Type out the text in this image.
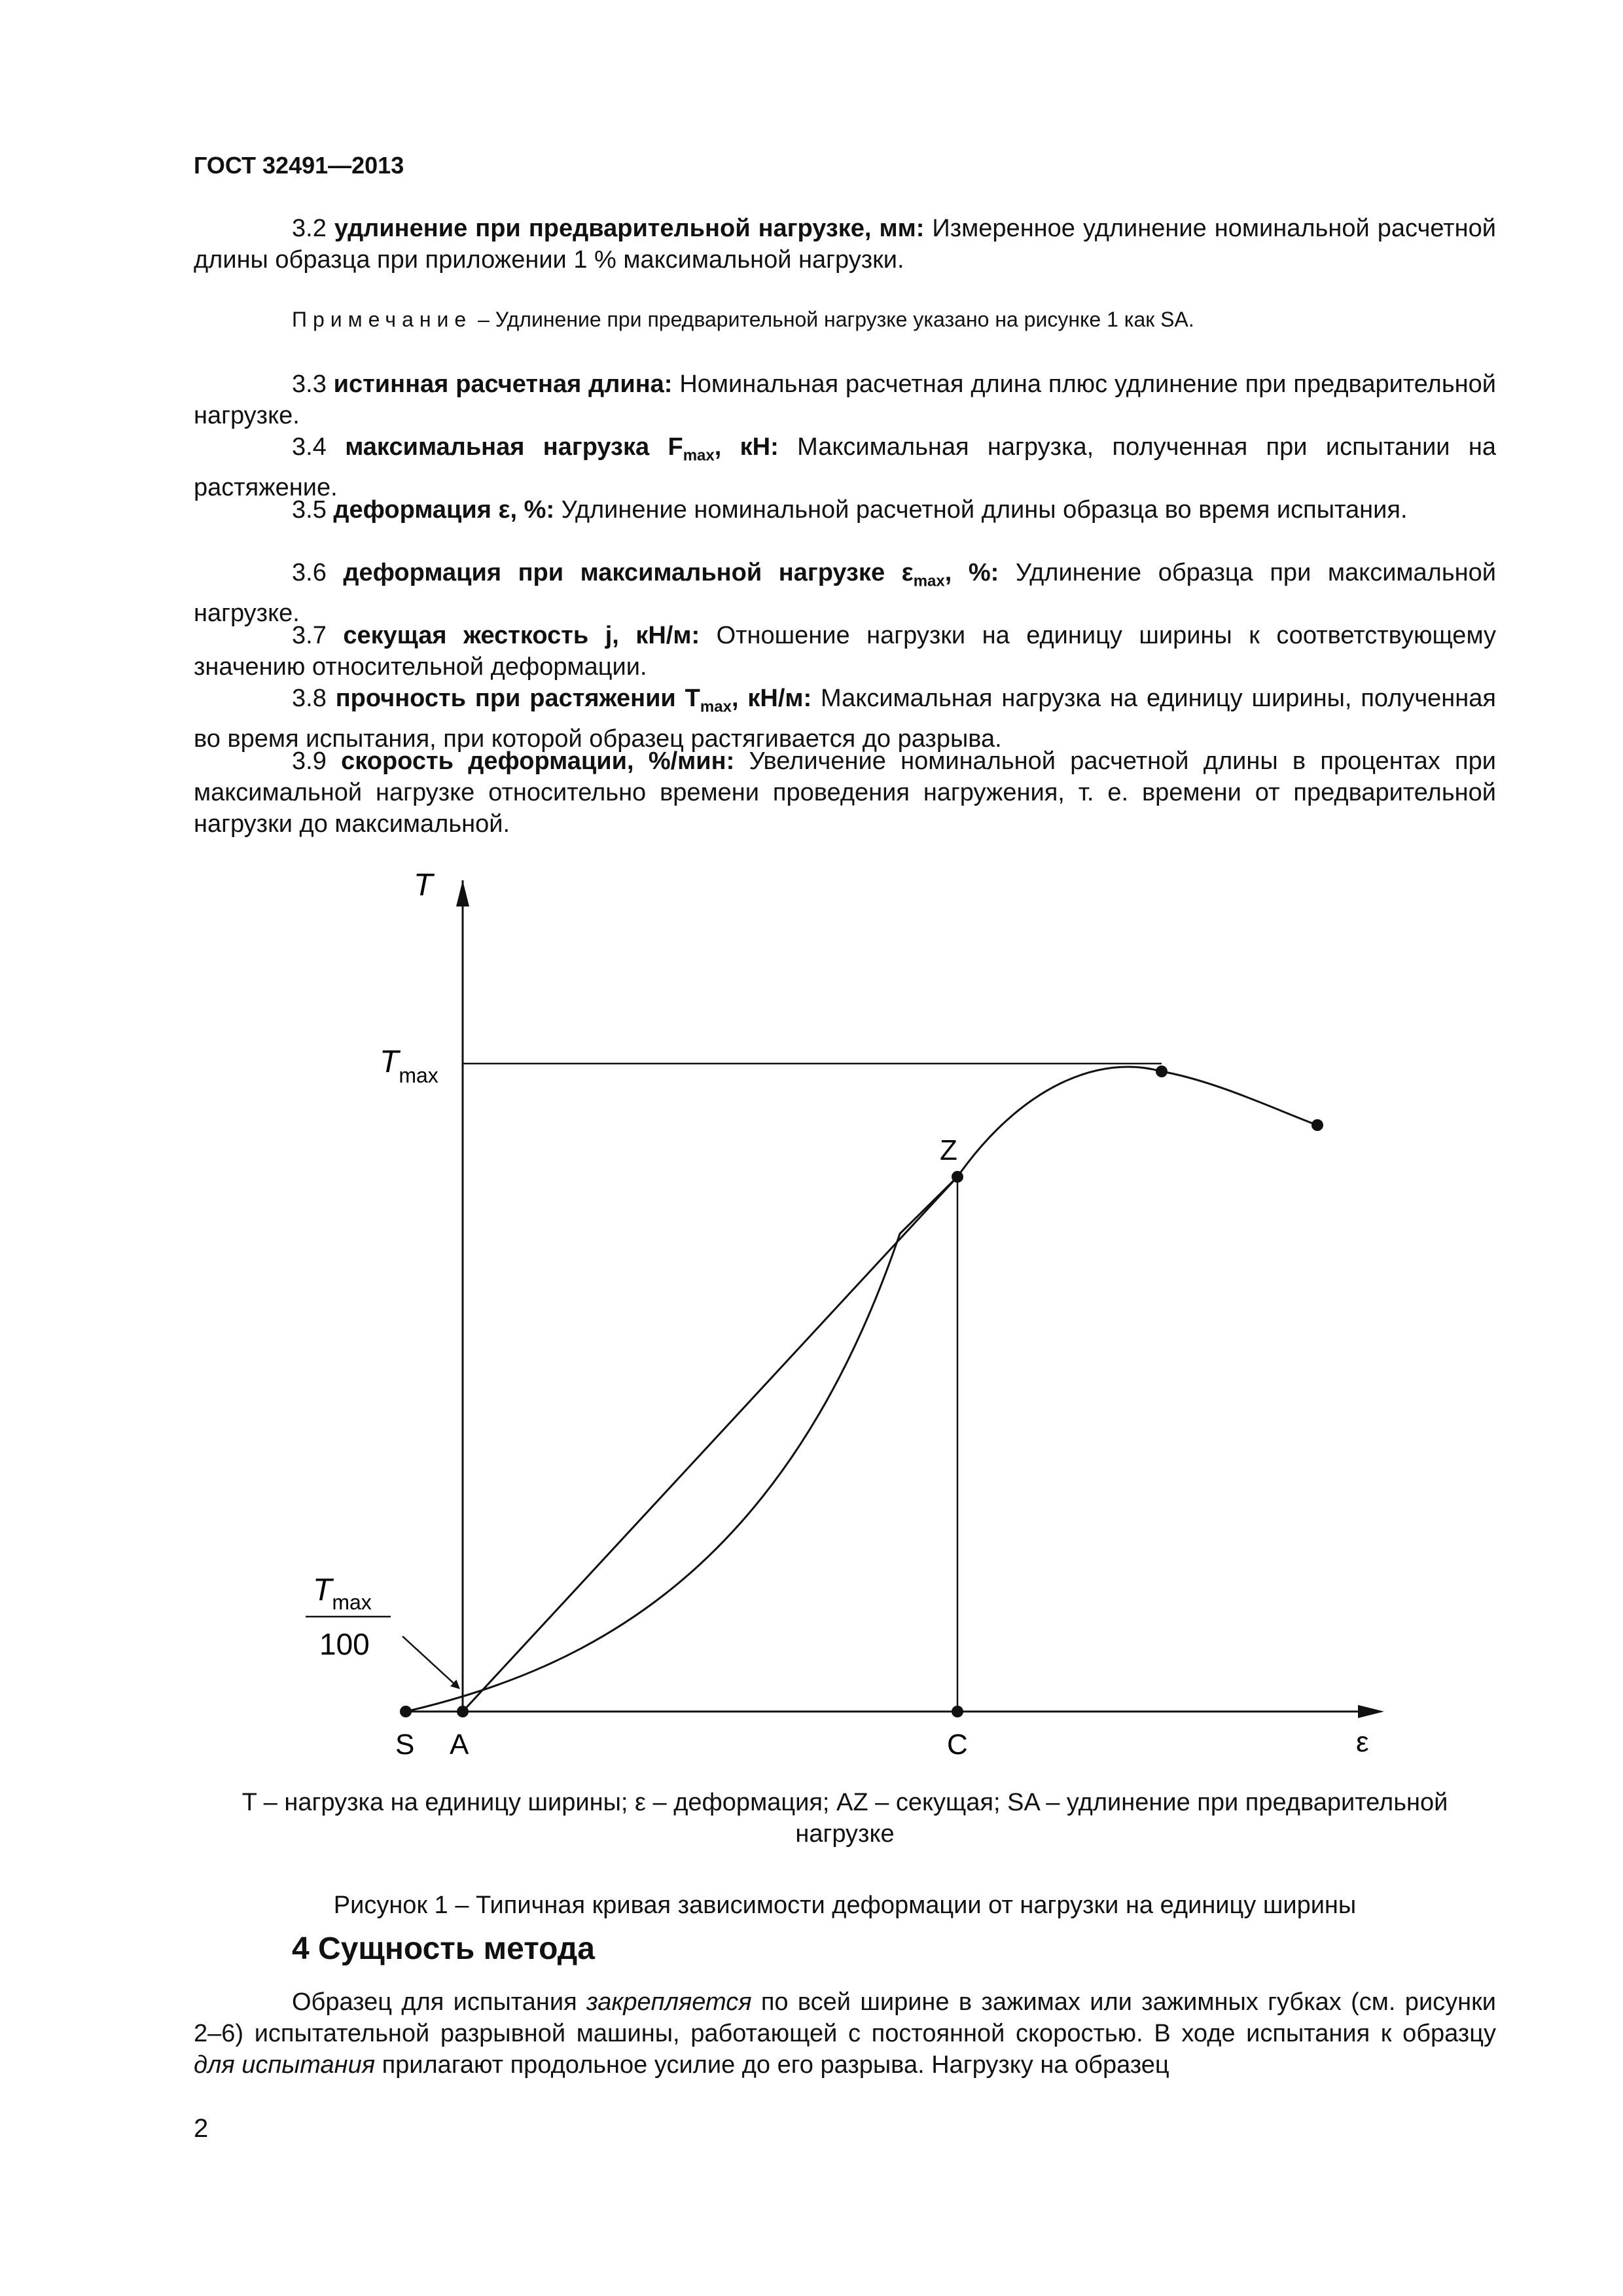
ГОСТ 32491—2013

3.2 удлинение при предварительной нагрузке, мм: Измеренное удлинение номинальной расчетной длины образца при приложении 1 % максимальной нагрузки.

Примечание – Удлинение при предварительной нагрузке указано на рисунке 1 как SA.

3.3 истинная расчетная длина: Номинальная расчетная длина плюс удлинение при предварительной нагрузке.

3.4 максимальная нагрузка $F_{max}$, кН: Максимальная нагрузка, полученная при испытании на растяжение.

3.5 деформация ε, %: Удлинение номинальной расчетной длины образца во время испытания.

3.6 деформация при максимальной нагрузке $\varepsilon_{max}$, %: Удлинение образца при максимальной нагрузке.

3.7 секущая жесткость j, кН/м: Отношение нагрузки на единицу ширины к соответствующему значению относительной деформации.

3.8 прочность при растяжении $T_{max}$, кН/м: Максимальная нагрузка на единицу ширины, полученная во время испытания, при которой образец растягивается до разрыва.

3.9 скорость деформации, %/мин: Увеличение номинальной расчетной длины в процентах при максимальной нагрузке относительно времени проведения нагружения, т. е. времени от предварительной нагрузки до максимальной.

T
$T_{max}$
$T_{max}$
100
Z
S A	C	ε
T – нагрузка на единицу ширины; ε – деформация; AZ – секущая; SA – удлинение при предварительной нагрузке
Рисунок 1 – Типичная кривая зависимости деформации от нагрузки на единицу ширины
4 Сущность метода

Образец для испытания закрепляется по всей ширине в зажимах или зажимных губках (см. рисунки 2–6) испытательной разрывной машины, работающей с постоянной скоростью. В ходе испытания к образцу для испытания прилагают продольное усилие до его разрыва. Нагрузку на образец

2
